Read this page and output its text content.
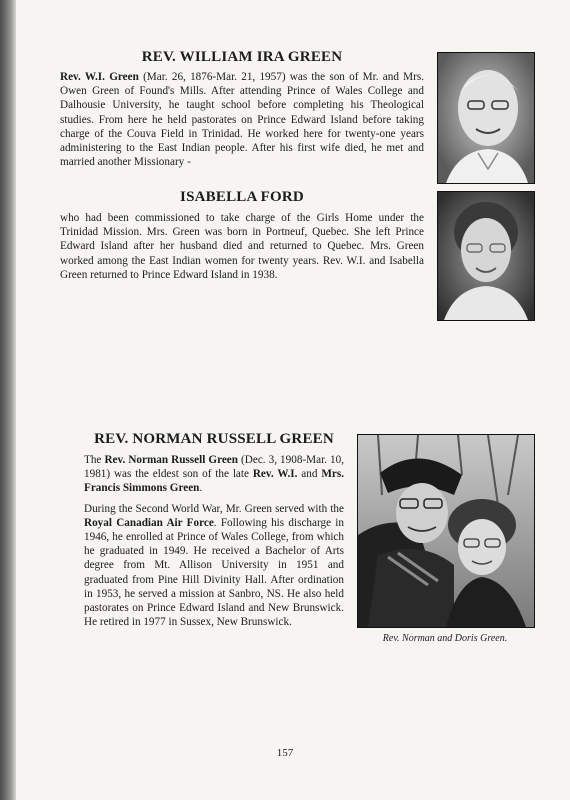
REV. WILLIAM IRA GREEN

Rev. W.I. Green (Mar. 26, 1876-Mar. 21, 1957) was the son of Mr. and Mrs. Owen Green of Found's Mills. After attending Prince of Wales College and Dalhousie University, he taught school before completing his Theological studies. From here he held pastorates on Prince Edward Island before taking charge of the Couva Field in Trinidad. He worked here for twenty-one years administering to the East Indian people. After his first wife died, he met and married another Missionary -

ISABELLA FORD

who had been commissioned to take charge of the Girls Home under the Trinidad Mission. Mrs. Green was born in Portneuf, Quebec. She left Prince Edward Island after her husband died and returned to Quebec. Mrs. Green worked among the East Indian women for twenty years. Rev. W.I. and Isabella Green returned to Prince Edward Island in 1938.

REV. NORMAN RUSSELL GREEN

The Rev. Norman Russell Green (Dec. 3, 1908-Mar. 10, 1981) was the eldest son of the late Rev. W.I. and Mrs. Francis Simmons Green.

During the Second World War, Mr. Green served with the Royal Canadian Air Force. Following his discharge in 1946, he enrolled at Prince of Wales College, from which he graduated in 1949. He received a Bachelor of Arts degree from Mt. Allison University in 1951 and graduated from Pine Hill Divinity Hall. After ordination in 1953, he served a mission at Sanbro, NS. He also held pastorates on Prince Edward Island and New Brunswick. He retired in 1977 in Sussex, New Brunswick.

Rev. Norman and Doris Green.
157
